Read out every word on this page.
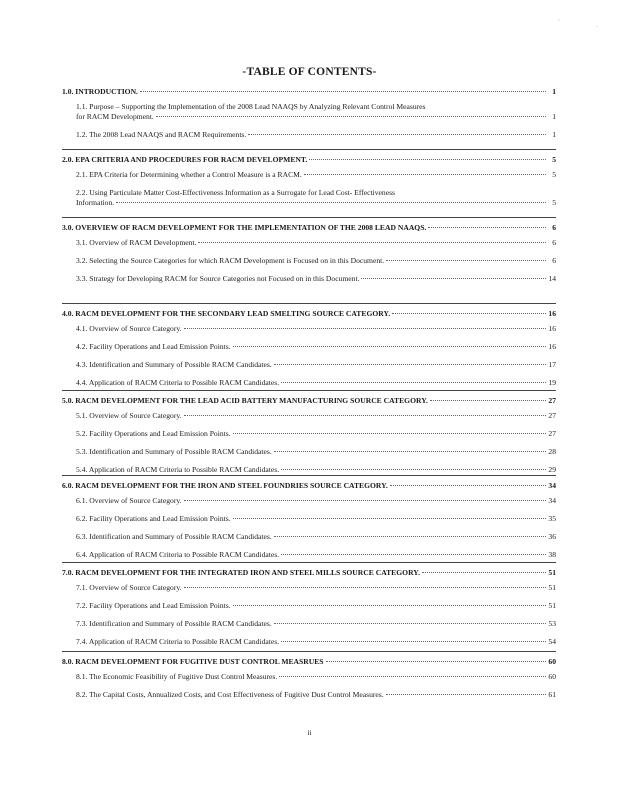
·
˙
-TABLE OF CONTENTS-
1.0. INTRODUCTION.	1
1.1. Purpose – Supporting the Implementation of the 2008 Lead NAAQS by Analyzing Relevant Control Measures
for RACM Development.	1
1.2. The 2008 Lead NAAQS and RACM Requirements.	1
2.0. EPA CRITERIA AND PROCEDURES FOR RACM DEVELOPMENT.	5
2.1. EPA Criteria for Determining whether a Control Measure is a RACM.	5
2.2. Using Particulate Matter Cost-Effectiveness Information as a Surrogate for Lead Cost- Effectiveness
Information.	5
3.0. OVERVIEW OF RACM DEVELOPMENT FOR THE IMPLEMENTATION OF THE 2008 LEAD NAAQS.	6
3.1. Overview of RACM Development.	6
3.2. Selecting the Source Categories for which RACM Development is Focused on in this Document.	6
3.3. Strategy for Developing RACM for Source Categories not Focused on in this Document.	14
4.0. RACM DEVELOPMENT FOR THE SECONDARY LEAD SMELTING SOURCE CATEGORY.	16
4.1. Overview of Source Category.	16
4.2. Facility Operations and Lead Emission Points.	16
4.3. Identification and Summary of Possible RACM Candidates.	17
4.4. Application of RACM Criteria to Possible RACM Candidates.	19
5.0. RACM DEVELOPMENT FOR THE LEAD ACID BATTERY MANUFACTURING SOURCE CATEGORY.	27
5.1. Overview of Source Category.	27
5.2. Facility Operations and Lead Emission Points.	27
5.3. Identification and Summary of Possible RACM Candidates.	28
5.4. Application of RACM Criteria to Possible RACM Candidates.	29
6.0. RACM DEVELOPMENT FOR THE IRON AND STEEL FOUNDRIES SOURCE CATEGORY.	34
6.1. Overview of Source Category.	34
6.2. Facility Operations and Lead Emission Points.	35
6.3. Identification and Summary of Possible RACM Candidates.	36
6.4. Application of RACM Criteria to Possible RACM Candidates.	38
7.0. RACM DEVELOPMENT FOR THE INTEGRATED IRON AND STEEL MILLS SOURCE CATEGORY.	51
7.1. Overview of Source Category.	51
7.2. Facility Operations and Lead Emission Points.	51
7.3. Identification and Summary of Possible RACM Candidates.	53
7.4. Application of RACM Criteria to Possible RACM Candidates.	54
8.0. RACM DEVELOPMENT FOR FUGITIVE DUST CONTROL MEASRUES	60
8.1. The Economic Feasibility of Fugitive Dust Control Measures.	60
8.2. The Capital Costs, Annualized Costs, and Cost Effectiveness of Fugitive Dust Control Measures.	61
ii
